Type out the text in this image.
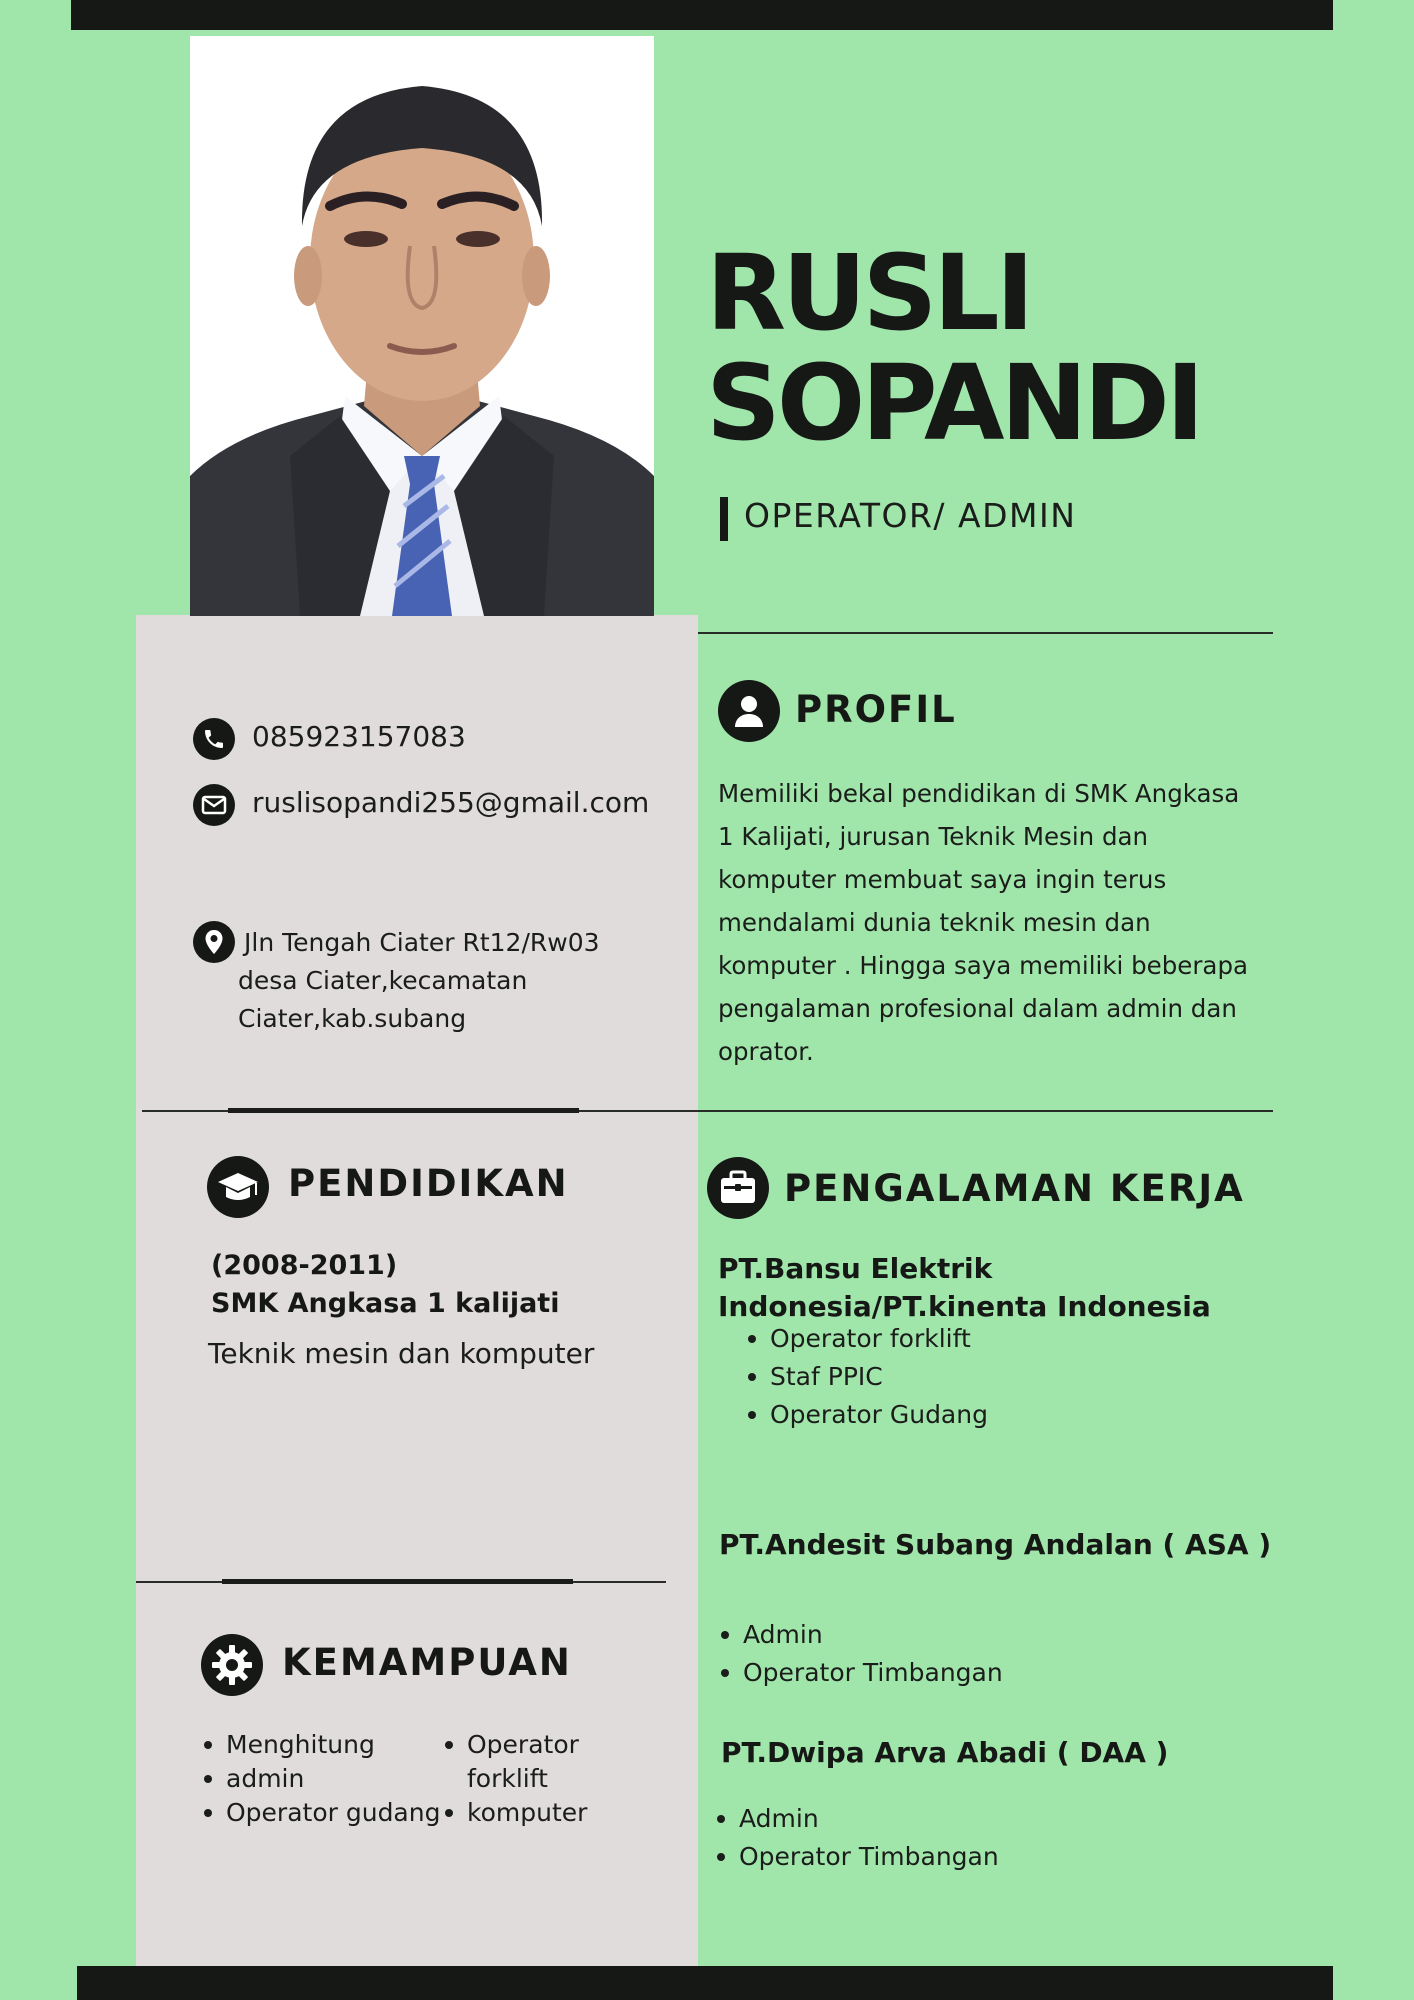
RUSLI
SOPANDI
OPERATOR/ ADMIN
085923157083
ruslisopandi255@gmail.com
Jln Tengah Ciater Rt12/Rw03
desa Ciater,kecamatan
Ciater,kab.subang
PROFIL
Memiliki bekal pendidikan di SMK Angkasa 1 Kalijati, jurusan Teknik Mesin dan komputer membuat saya ingin terus mendalami dunia teknik mesin dan komputer . Hingga saya memiliki beberapa pengalaman profesional dalam admin dan oprator.
PENDIDIKAN
(2008-2011)
SMK Angkasa 1 kalijati
Teknik mesin dan komputer
KEMAMPUAN
Menghitung
admin
Operator gudang
Operator
forklift
komputer
PENGALAMAN KERJA
PT.Bansu Elektrik Indonesia/PT.kinenta Indonesia
Operator forklift
Staf PPIC
Operator Gudang
PT.Andesit Subang Andalan ( ASA )
Admin
Operator Timbangan
PT.Dwipa Arva Abadi ( DAA )
Admin
Operator Timbangan
